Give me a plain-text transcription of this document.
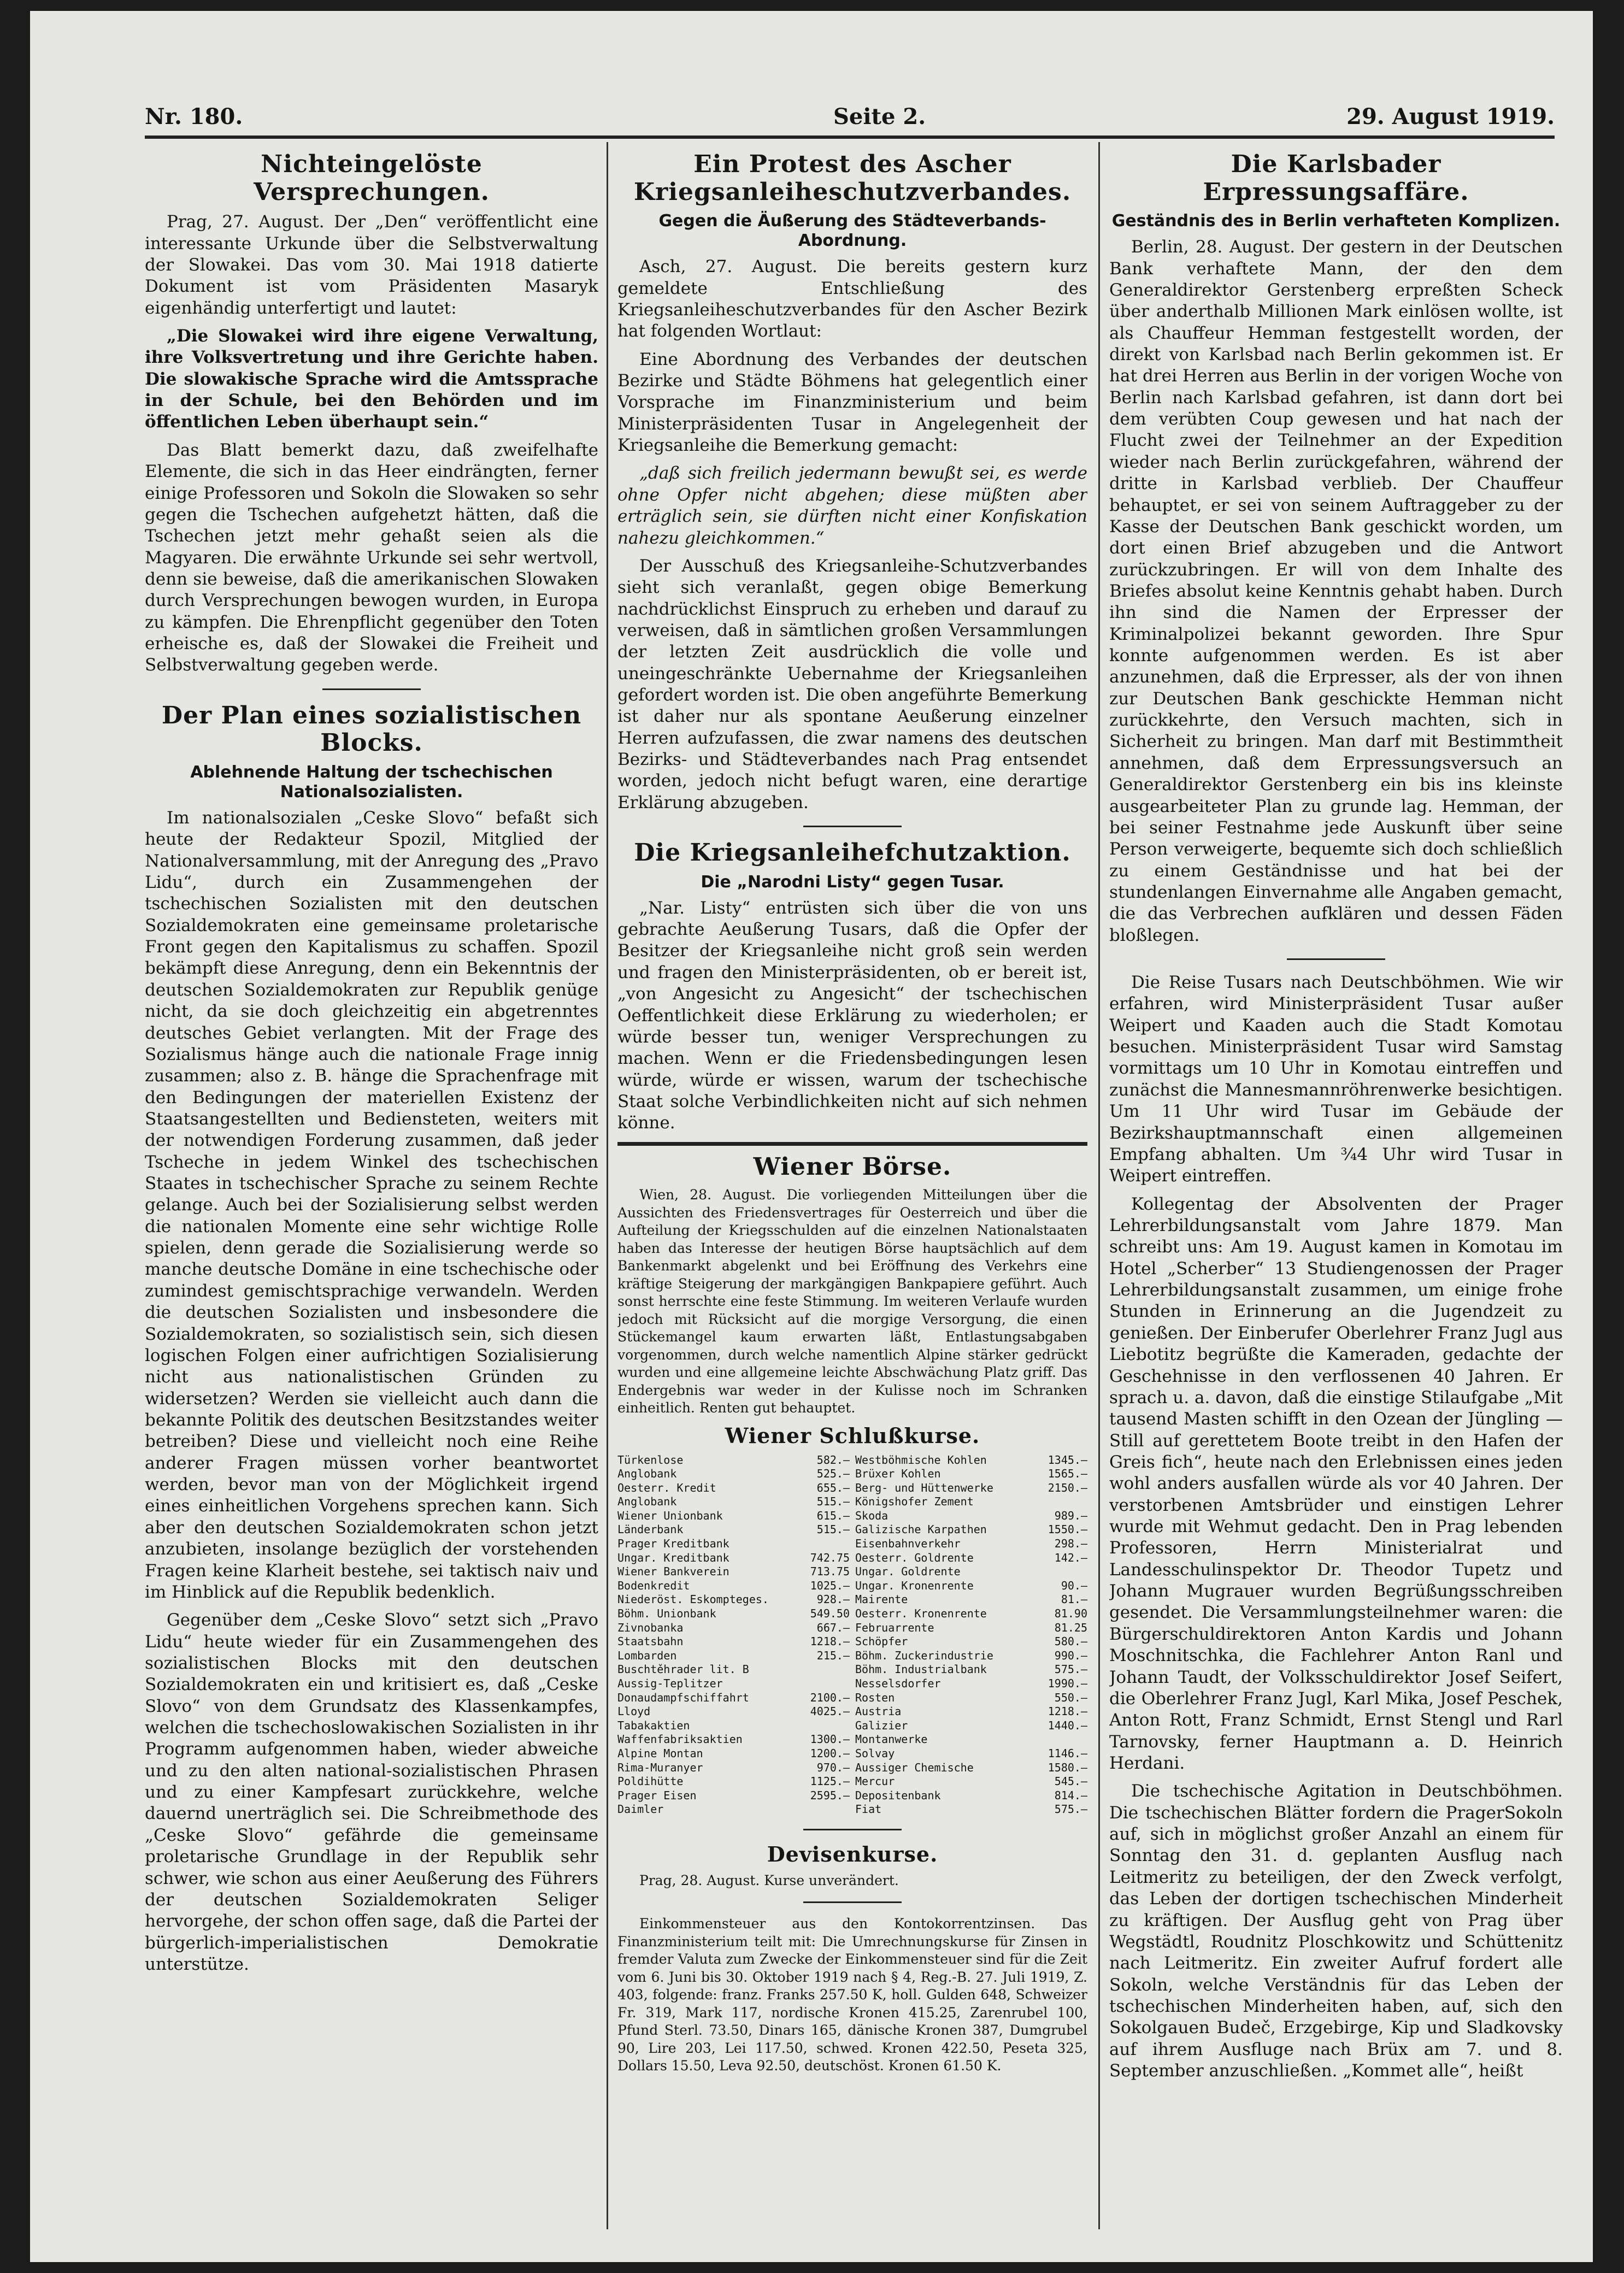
Nr. 180.	Seite 2.	29. August 1919.
Nichteingelöste Versprechungen.

Prag, 27. August. Der „Den“ veröffentlicht eine interessante Urkunde über die Selbstverwaltung der Slowakei. Das vom 30. Mai 1918 datierte Dokument ist vom Präsidenten Masaryk eigenhändig unterfertigt und lautet:

„Die Slowakei wird ihre eigene Verwaltung, ihre Volksvertretung und ihre Gerichte haben. Die slowakische Sprache wird die Amtssprache in der Schule, bei den Behörden und im öffentlichen Leben überhaupt sein.“

Das Blatt bemerkt dazu, daß zweifelhafte Elemente, die sich in das Heer eindrängten, ferner einige Professoren und Sokoln die Slowaken so sehr gegen die Tschechen aufgehetzt hätten, daß die Tschechen jetzt mehr gehaßt seien als die Magyaren. Die erwähnte Urkunde sei sehr wertvoll, denn sie beweise, daß die amerikanischen Slowaken durch Versprechungen bewogen wurden, in Europa zu kämpfen. Die Ehrenpflicht gegenüber den Toten erheische es, daß der Slowakei die Freiheit und Selbstverwaltung gegeben werde.

Der Plan eines sozialistischen Blocks.
Ablehnende Haltung der tschechischen Nationalsozialisten.

Im nationalsozialen „Ceske Slovo“ befaßt sich heute der Redakteur Spozil, Mitglied der Nationalversammlung, mit der Anregung des „Pravo Lidu“, durch ein Zusammengehen der tschechischen Sozialisten mit den deutschen Sozialdemokraten eine gemeinsame proletarische Front gegen den Kapitalismus zu schaffen. Spozil bekämpft diese Anregung, denn ein Bekenntnis der deutschen Sozialdemokraten zur Republik genüge nicht, da sie doch gleichzeitig ein abgetrenntes deutsches Gebiet verlangten. Mit der Frage des Sozialismus hänge auch die nationale Frage innig zusammen; also z. B. hänge die Sprachenfrage mit den Bedingungen der materiellen Existenz der Staatsangestellten und Bediensteten, weiters mit der notwendigen Forderung zusammen, daß jeder Tscheche in jedem Winkel des tschechischen Staates in tschechischer Sprache zu seinem Rechte gelange. Auch bei der Sozialisierung selbst werden die nationalen Momente eine sehr wichtige Rolle spielen, denn gerade die Sozialisierung werde so manche deutsche Domäne in eine tschechische oder zumindest gemischtsprachige verwandeln. Werden die deutschen Sozialisten und insbesondere die Sozialdemokraten, so sozialistisch sein, sich diesen logischen Folgen einer aufrichtigen Sozialisierung nicht aus nationalistischen Gründen zu widersetzen? Werden sie vielleicht auch dann die bekannte Politik des deutschen Besitzstandes weiter betreiben? Diese und vielleicht noch eine Reihe anderer Fragen müssen vorher beantwortet werden, bevor man von der Möglichkeit irgend eines einheitlichen Vorgehens sprechen kann. Sich aber den deutschen Sozialdemokraten schon jetzt anzubieten, insolange bezüglich der vorstehenden Fragen keine Klarheit bestehe, sei taktisch naiv und im Hinblick auf die Republik bedenklich.

Gegenüber dem „Ceske Slovo“ setzt sich „Pravo Lidu“ heute wieder für ein Zusammengehen des sozialistischen Blocks mit den deutschen Sozialdemokraten ein und kritisiert es, daß „Ceske Slovo“ von dem Grundsatz des Klassenkampfes, welchen die tschechoslowakischen Sozialisten in ihr Programm aufgenommen haben, wieder abweiche und zu den alten national-sozialistischen Phrasen und zu einer Kampfesart zurückkehre, welche dauernd unerträglich sei. Die Schreibmethode des „Ceske Slovo“ gefährde die gemeinsame proletarische Grundlage in der Republik sehr schwer, wie schon aus einer Aeußerung des Führers der deutschen Sozialdemokraten Seliger hervorgehe, der schon offen sage, daß die Partei der bürgerlich-imperialistischen Demokratie unterstütze.

Ein Protest des Ascher Kriegsanleiheschutzverbandes.
Gegen die Äußerung des Städteverbands-Abordnung.

Asch, 27. August. Die bereits gestern kurz gemeldete Entschließung des Kriegsanleiheschutzverbandes für den Ascher Bezirk hat folgenden Wortlaut:

Eine Abordnung des Verbandes der deutschen Bezirke und Städte Böhmens hat gelegentlich einer Vorsprache im Finanzministerium und beim Ministerpräsidenten Tusar in Angelegenheit der Kriegsanleihe die Bemerkung gemacht:

„daß sich freilich jedermann bewußt sei, es werde ohne Opfer nicht abgehen; diese müßten aber erträglich sein, sie dürften nicht einer Konfiskation nahezu gleichkommen.“

Der Ausschuß des Kriegsanleihe-Schutzverbandes sieht sich veranlaßt, gegen obige Bemerkung nachdrücklichst Einspruch zu erheben und darauf zu verweisen, daß in sämtlichen großen Versammlungen der letzten Zeit ausdrücklich die volle und uneingeschränkte Uebernahme der Kriegsanleihen gefordert worden ist. Die oben angeführte Bemerkung ist daher nur als spontane Aeußerung einzelner Herren aufzufassen, die zwar namens des deutschen Bezirks- und Städteverbandes nach Prag entsendet worden, jedoch nicht befugt waren, eine derartige Erklärung abzugeben.

Die Kriegsanleihefchutzaktion.
Die „Narodni Listy“ gegen Tusar.

„Nar. Listy“ entrüsten sich über die von uns gebrachte Aeußerung Tusars, daß die Opfer der Besitzer der Kriegsanleihe nicht groß sein werden und fragen den Ministerpräsidenten, ob er bereit ist, „von Angesicht zu Angesicht“ der tschechischen Oeffentlichkeit diese Erklärung zu wiederholen; er würde besser tun, weniger Versprechungen zu machen. Wenn er die Friedensbedingungen lesen würde, würde er wissen, warum der tschechische Staat solche Verbindlichkeiten nicht auf sich nehmen könne.

Wiener Börse.

Wien, 28. August. Die vorliegenden Mitteilungen über die Aussichten des Friedensvertrages für Oesterreich und über die Aufteilung der Kriegsschulden auf die einzelnen Nationalstaaten haben das Interesse der heutigen Börse hauptsächlich auf dem Bankenmarkt abgelenkt und bei Eröffnung des Verkehrs eine kräftige Steigerung der markgängigen Bankpapiere geführt. Auch sonst herrschte eine feste Stimmung. Im weiteren Verlaufe wurden jedoch mit Rücksicht auf die morgige Versorgung, die einen Stückemangel kaum erwarten läßt, Entlastungsabgaben vorgenommen, durch welche namentlich Alpine stärker gedrückt wurden und eine allgemeine leichte Abschwächung Platz griff. Das Endergebnis war weder in der Kulisse noch im Schranken einheitlich. Renten gut behauptet.

Wiener Schlußkurse.
Türkenlose	582.—
Anglobank	525.—
Oesterr. Kredit	655.—
Anglobank	515.—
Wiener Unionbank	615.—
Länderbank	515.—
Prager Kreditbank
Ungar. Kreditbank	742.75
Wiener Bankverein	713.75
Bodenkredit	1025.—
Niederöst. Eskompteges.	928.—
Böhm. Unionbank	549.50
Zivnobanka	667.—
Staatsbahn	1218.—
Lombarden	215.—
Buschtěhrader lit. B
Aussig-Teplitzer
Donaudampfschiffahrt	2100.—
Lloyd	4025.—
Tabakaktien
Waffenfabriksaktien	1300.—
Alpine Montan	1200.—
Rima-Muranyer	970.—
Poldihütte	1125.—
Prager Eisen	2595.—
Daimler
Westböhmische Kohlen	1345.—
Brüxer Kohlen	1565.—
Berg- und Hüttenwerke	2150.—
Königshofer Zement
Skoda	989.—
Galizische Karpathen	1550.—
Eisenbahnverkehr	298.—
Oesterr. Goldrente	142.—
Ungar. Goldrente
Ungar. Kronenrente	90.—
Mairente	81.—
Oesterr. Kronenrente	81.90
Februarrente	81.25
Schöpfer	580.—
Böhm. Zuckerindustrie	990.—
Böhm. Industrialbank	575.—
Nesselsdorfer	1990.—
Rosten	550.—
Austria	1218.—
Galizier	1440.—
Montanwerke
Solvay	1146.—
Aussiger Chemische	1580.—
Mercur	545.—
Depositenbank	814.—
Fiat	575.—
Devisenkurse.

Prag, 28. August. Kurse unverändert.

Einkommensteuer aus den Kontokorrentzinsen. Das Finanzministerium teilt mit: Die Umrechnungskurse für Zinsen in fremder Valuta zum Zwecke der Einkommensteuer sind für die Zeit vom 6. Juni bis 30. Oktober 1919 nach § 4, Reg.-B. 27. Juli 1919, Z. 403, folgende: franz. Franks 257.50 K, holl. Gulden 648, Schweizer Fr. 319, Mark 117, nordische Kronen 415.25, Zarenrubel 100, Pfund Sterl. 73.50, Dinars 165, dänische Kronen 387, Dumgrubel 90, Lire 203, Lei 117.50, schwed. Kronen 422.50, Peseta 325, Dollars 15.50, Leva 92.50, deutschöst. Kronen 61.50 K.

Die Karlsbader Erpressungsaffäre.
Geständnis des in Berlin verhafteten Komplizen.

Berlin, 28. August. Der gestern in der Deutschen Bank verhaftete Mann, der den dem Generaldirektor Gerstenberg erpreßten Scheck über anderthalb Millionen Mark einlösen wollte, ist als Chauffeur Hemman festgestellt worden, der direkt von Karlsbad nach Berlin gekommen ist. Er hat drei Herren aus Berlin in der vorigen Woche von Berlin nach Karlsbad gefahren, ist dann dort bei dem verübten Coup gewesen und hat nach der Flucht zwei der Teilnehmer an der Expedition wieder nach Berlin zurückgefahren, während der dritte in Karlsbad verblieb. Der Chauffeur behauptet, er sei von seinem Auftraggeber zu der Kasse der Deutschen Bank geschickt worden, um dort einen Brief abzugeben und die Antwort zurückzubringen. Er will von dem Inhalte des Briefes absolut keine Kenntnis gehabt haben. Durch ihn sind die Namen der Erpresser der Kriminalpolizei bekannt geworden. Ihre Spur konnte aufgenommen werden. Es ist aber anzunehmen, daß die Erpresser, als der von ihnen zur Deutschen Bank geschickte Hemman nicht zurückkehrte, den Versuch machten, sich in Sicherheit zu bringen. Man darf mit Bestimmtheit annehmen, daß dem Erpressungsversuch an Generaldirektor Gerstenberg ein bis ins kleinste ausgearbeiteter Plan zu grunde lag. Hemman, der bei seiner Festnahme jede Auskunft über seine Person verweigerte, bequemte sich doch schließlich zu einem Geständnisse und hat bei der stundenlangen Einvernahme alle Angaben gemacht, die das Verbrechen aufklären und dessen Fäden bloßlegen.

Die Reise Tusars nach Deutschböhmen. Wie wir erfahren, wird Ministerpräsident Tusar außer Weipert und Kaaden auch die Stadt Komotau besuchen. Ministerpräsident Tusar wird Samstag vormittags um 10 Uhr in Komotau eintreffen und zunächst die Mannesmannröhrenwerke besichtigen. Um 11 Uhr wird Tusar im Gebäude der Bezirkshauptmannschaft einen allgemeinen Empfang abhalten. Um ¾4 Uhr wird Tusar in Weipert eintreffen.

Kollegentag der Absolventen der Prager Lehrerbildungsanstalt vom Jahre 1879. Man schreibt uns: Am 19. August kamen in Komotau im Hotel „Scherber“ 13 Studiengenossen der Prager Lehrerbildungsanstalt zusammen, um einige frohe Stunden in Erinnerung an die Jugendzeit zu genießen. Der Einberufer Oberlehrer Franz Jugl aus Liebotitz begrüßte die Kameraden, gedachte der Geschehnisse in den verflossenen 40 Jahren. Er sprach u. a. davon, daß die einstige Stilaufgabe „Mit tausend Masten schifft in den Ozean der Jüngling — Still auf gerettetem Boote treibt in den Hafen der Greis fich“, heute nach den Erlebnissen eines jeden wohl anders ausfallen würde als vor 40 Jahren. Der verstorbenen Amtsbrüder und einstigen Lehrer wurde mit Wehmut gedacht. Den in Prag lebenden Professoren, Herrn Ministerialrat und Landesschulinspektor Dr. Theodor Tupetz und Johann Mugrauer wurden Begrüßungsschreiben gesendet. Die Versammlungsteilnehmer waren: die Bürgerschuldirektoren Anton Kardis und Johann Moschnitschka, die Fachlehrer Anton Ranl und Johann Taudt, der Volksschuldirektor Josef Seifert, die Oberlehrer Franz Jugl, Karl Mika, Josef Peschek, Anton Rott, Franz Schmidt, Ernst Stengl und Rarl Tarnovsky, ferner Hauptmann a. D. Heinrich Herdani.

Die tschechische Agitation in Deutschböhmen. Die tschechischen Blätter fordern die PragerSokoln auf, sich in möglichst großer Anzahl an einem für Sonntag den 31. d. geplanten Ausflug nach Leitmeritz zu beteiligen, der den Zweck verfolgt, das Leben der dortigen tschechischen Minderheit zu kräftigen. Der Ausflug geht von Prag über Wegstädtl, Roudnitz Ploschkowitz und Schüttenitz nach Leitmeritz. Ein zweiter Aufruf fordert alle Sokoln, welche Verständnis für das Leben der tschechischen Minderheiten haben, auf, sich den Sokolgauen Budeč, Erzgebirge, Kip und Sladkovsky auf ihrem Ausfluge nach Brüx am 7. und 8. September anzuschließen. „Kommet alle“, heißt
